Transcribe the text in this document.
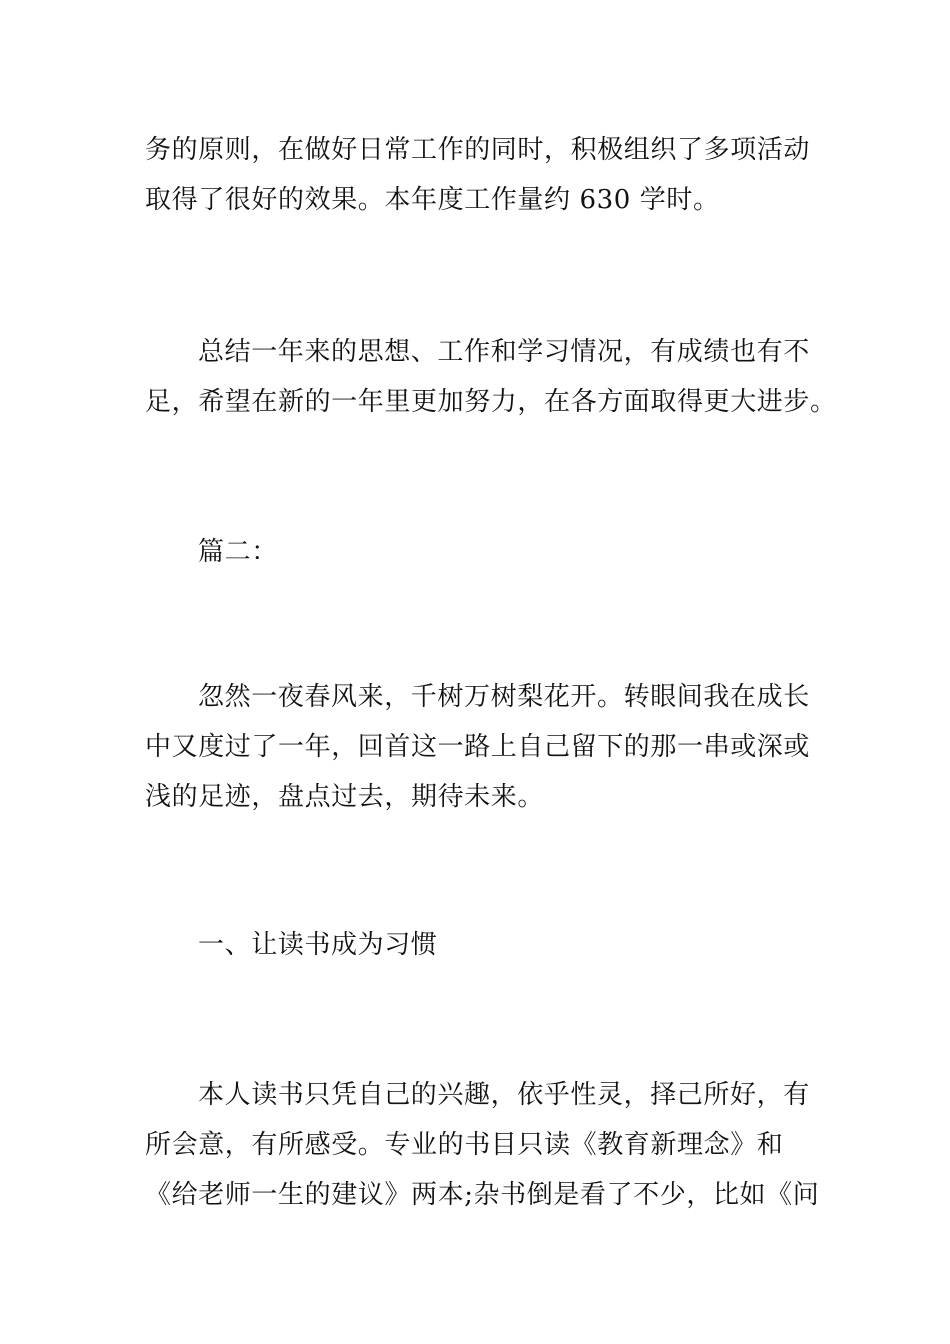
务的原则，在做好日常工作的同时，积极组织了多项活动
取得了很好的效果。本年度工作量约 630 学时。
总结一年来的思想、工作和学习情况，有成绩也有不
足，希望在新的一年里更加努力，在各方面取得更大进步。
篇二：
忽然一夜春风来，千树万树梨花开。转眼间我在成长
中又度过了一年，回首这一路上自己留下的那一串或深或
浅的足迹，盘点过去，期待未来。
一、让读书成为习惯
本人读书只凭自己的兴趣，依乎性灵，择己所好，有
所会意，有所感受。专业的书目只读《教育新理念》和
《给老师一生的建议》两本;杂书倒是看了不少，比如《问
